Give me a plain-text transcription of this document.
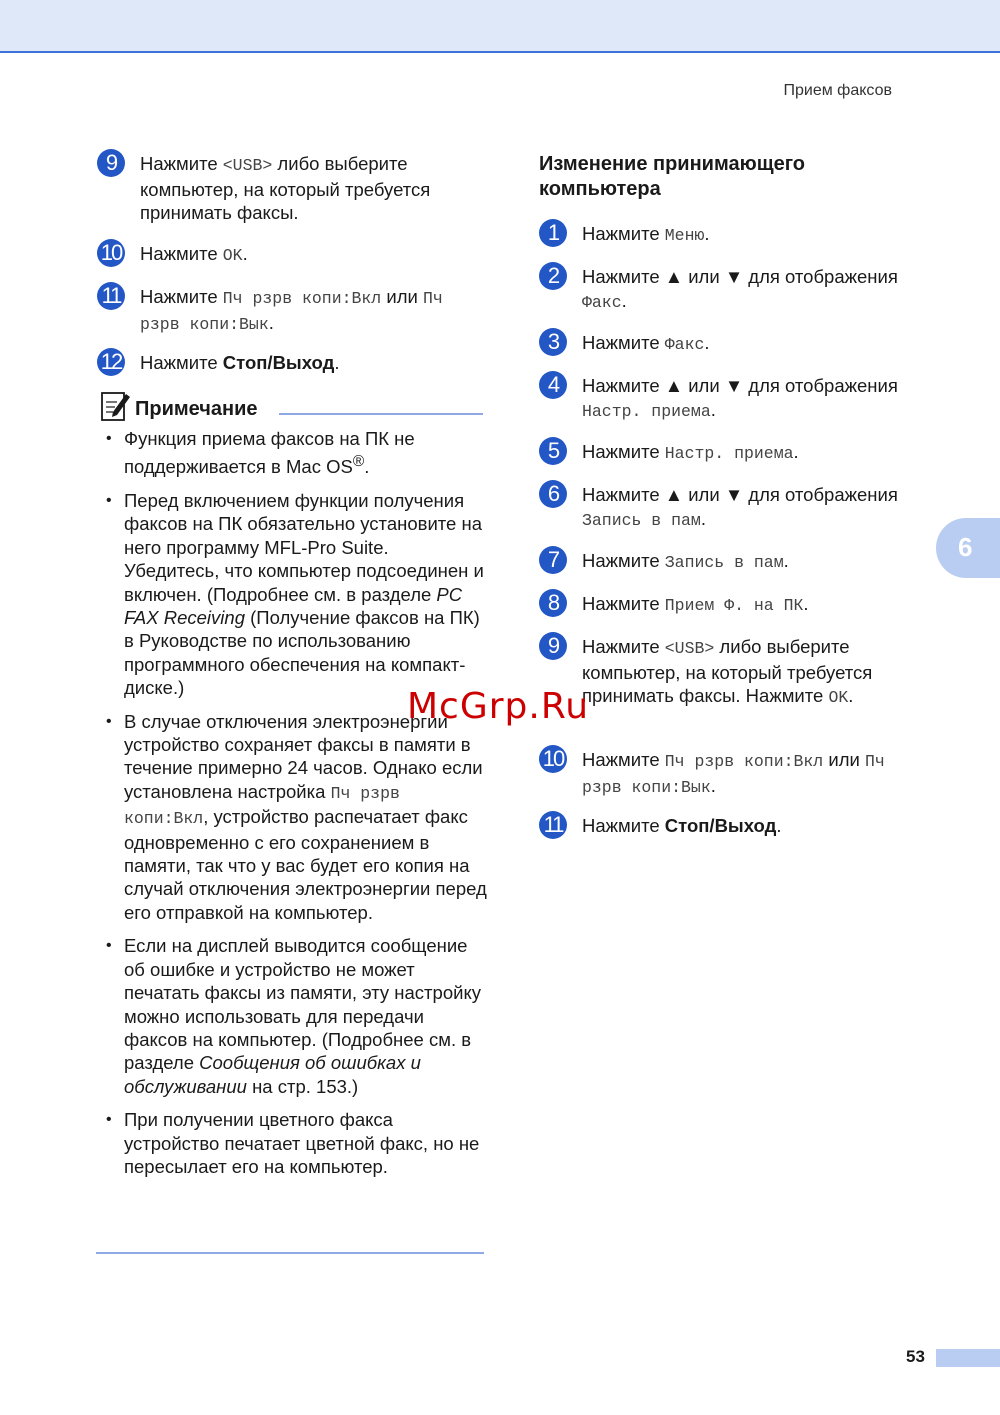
Прием факсов
6
9	Нажмите <USB> либо выберите компьютер, на который требуется принимать факсы.
10 Нажмите OK.
11 Нажмите Пч рзрв копи:Вкл или Пч рзрв копи:Вык.
12 Нажмите Стоп/Выход.
Примечание
• Функция приема факсов на ПК не поддерживается в Mac OS®.
• Перед включением функции получения факсов на ПК обязательно установите на него программу MFL-Pro Suite. Убедитесь, что компьютер подсоединен и включен. (Подробнее см. в разделе PC FAX Receiving (Получение факсов на ПК) в Руководстве по использованию программного обеспечения на компакт-диске.)
• В случае отключения электроэнергии устройство сохраняет факсы в памяти в течение примерно 24 часов. Однако если установлена настройка Пч рзрв копи:Вкл, устройство распечатает факс одновременно с его сохранением в памяти, так что у вас будет его копия на случай отключения электроэнергии перед его отправкой на компьютер.
• Если на дисплей выводится сообщение об ошибке и устройство не может печатать факсы из памяти, эту настройку можно использовать для передачи факсов на компьютер. (Подробнее см. в разделе Сообщения об ошибках и обслуживании на стр. 153.)
• При получении цветного факса устройство печатает цветной факс, но не пересылает его на компьютер.
Изменение принимающего
компьютера
1	Нажмите Меню.
2	Нажмите ▲ или ▼ для отображения Факс.
3	Нажмите Факс.
4	Нажмите ▲ или ▼ для отображения Настр. приема.
5	Нажмите Настр. приема.
6	Нажмите ▲ или ▼ для отображения Запись в пам.
7	Нажмите Запись в пам.
8	Нажмите Прием Ф. на ПК.
9	Нажмите <USB> либо выберите компьютер, на который требуется принимать факсы. Нажмите OK.
10 Нажмите Пч рзрв копи:Вкл или Пч рзрв копи:Вык.
11 Нажмите Стоп/Выход.
McGrp.Ru
53
